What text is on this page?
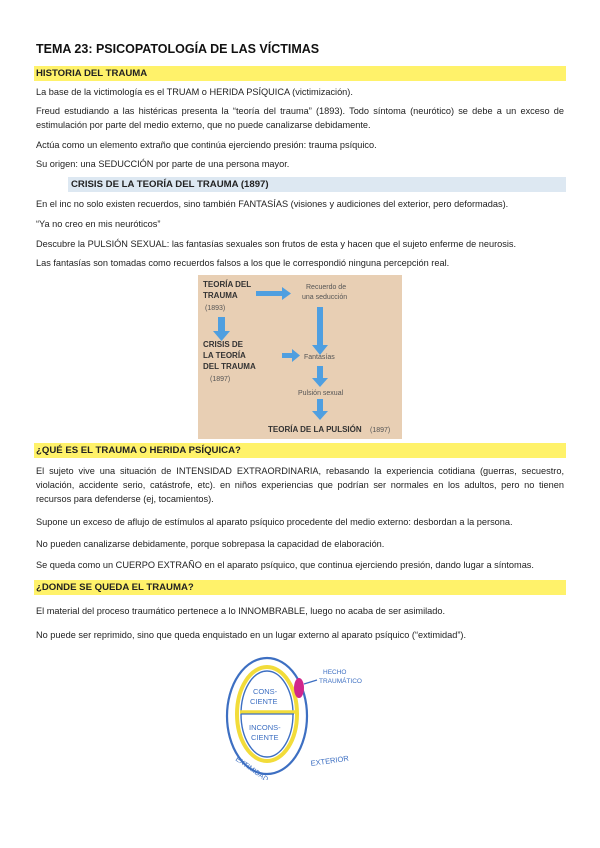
TEMA 23: PSICOPATOLOGÍA DE LAS VÍCTIMAS
HISTORIA DEL TRAUMA
La base de la victimología es el TRUAM o HERIDA PSÍQUICA (victimización).
Freud estudiando a las histéricas presenta la “teoría del trauma” (1893). Todo síntoma (neurótico) se debe a un exceso de estimulación por parte del medio externo, que no puede canalizarse debidamente.
Actúa como un elemento extraño que continúa ejerciendo presión: trauma psíquico.
Su origen: una SEDUCCIÓN por parte de una persona mayor.
CRISIS DE LA TEORÍA DEL TRAUMA (1897)
En el inc no solo existen recuerdos, sino también FANTASÍAS (visiones y audiciones del exterior, pero deformadas).
“Ya no creo en mis neuróticos”
Descubre la PULSIÓN SEXUAL: las fantasías sexuales son frutos de esta y hacen que el sujeto enferme de neurosis.
Las fantasías son tomadas como recuerdos falsos a los que le correspondió ninguna percepción real.
TEORÍA DEL
TRAUMA
(1893)
Recuerdo de
una seducción
CRISIS DE
LA TEORÍA
DEL TRAUMA
(1897)
Fantasías
Pulsión sexual
TEORÍA DE LA PULSIÓN (1897)
¿QUÉ ES EL TRAUMA O HERIDA PSÍQUICA?
El sujeto vive una situación de INTENSIDAD EXTRAORDINARIA, rebasando la experiencia cotidiana (guerras, secuestro, violación, accidente serio, catástrofe, etc). en niños experiencias que podrían ser normales en los adultos, pero no tienen recursos para defenderse (ej, tocamientos).
Supone un exceso de aflujo de estímulos al aparato psíquico procedente del medio externo: desbordan a la persona.
No pueden canalizarse debidamente, porque sobrepasa la capacidad de elaboración.
Se queda como un CUERPO EXTRAÑO en el aparato psíquico, que continua ejerciendo presión, dando lugar a síntomas.
¿DONDE SE QUEDA EL TRAUMA?
El material del proceso traumático pertenece a lo INNOMBRABLE, luego no acaba de ser asimilado.
No puede ser reprimido, sino que queda enquistado en un lugar externo al aparato psíquico (“extimidad”).
CONS-
CIENTE
INCONS-
CIENTE
HECHO
TRAUMÁTICO
EXTERIOR
EXTIMIDAD
